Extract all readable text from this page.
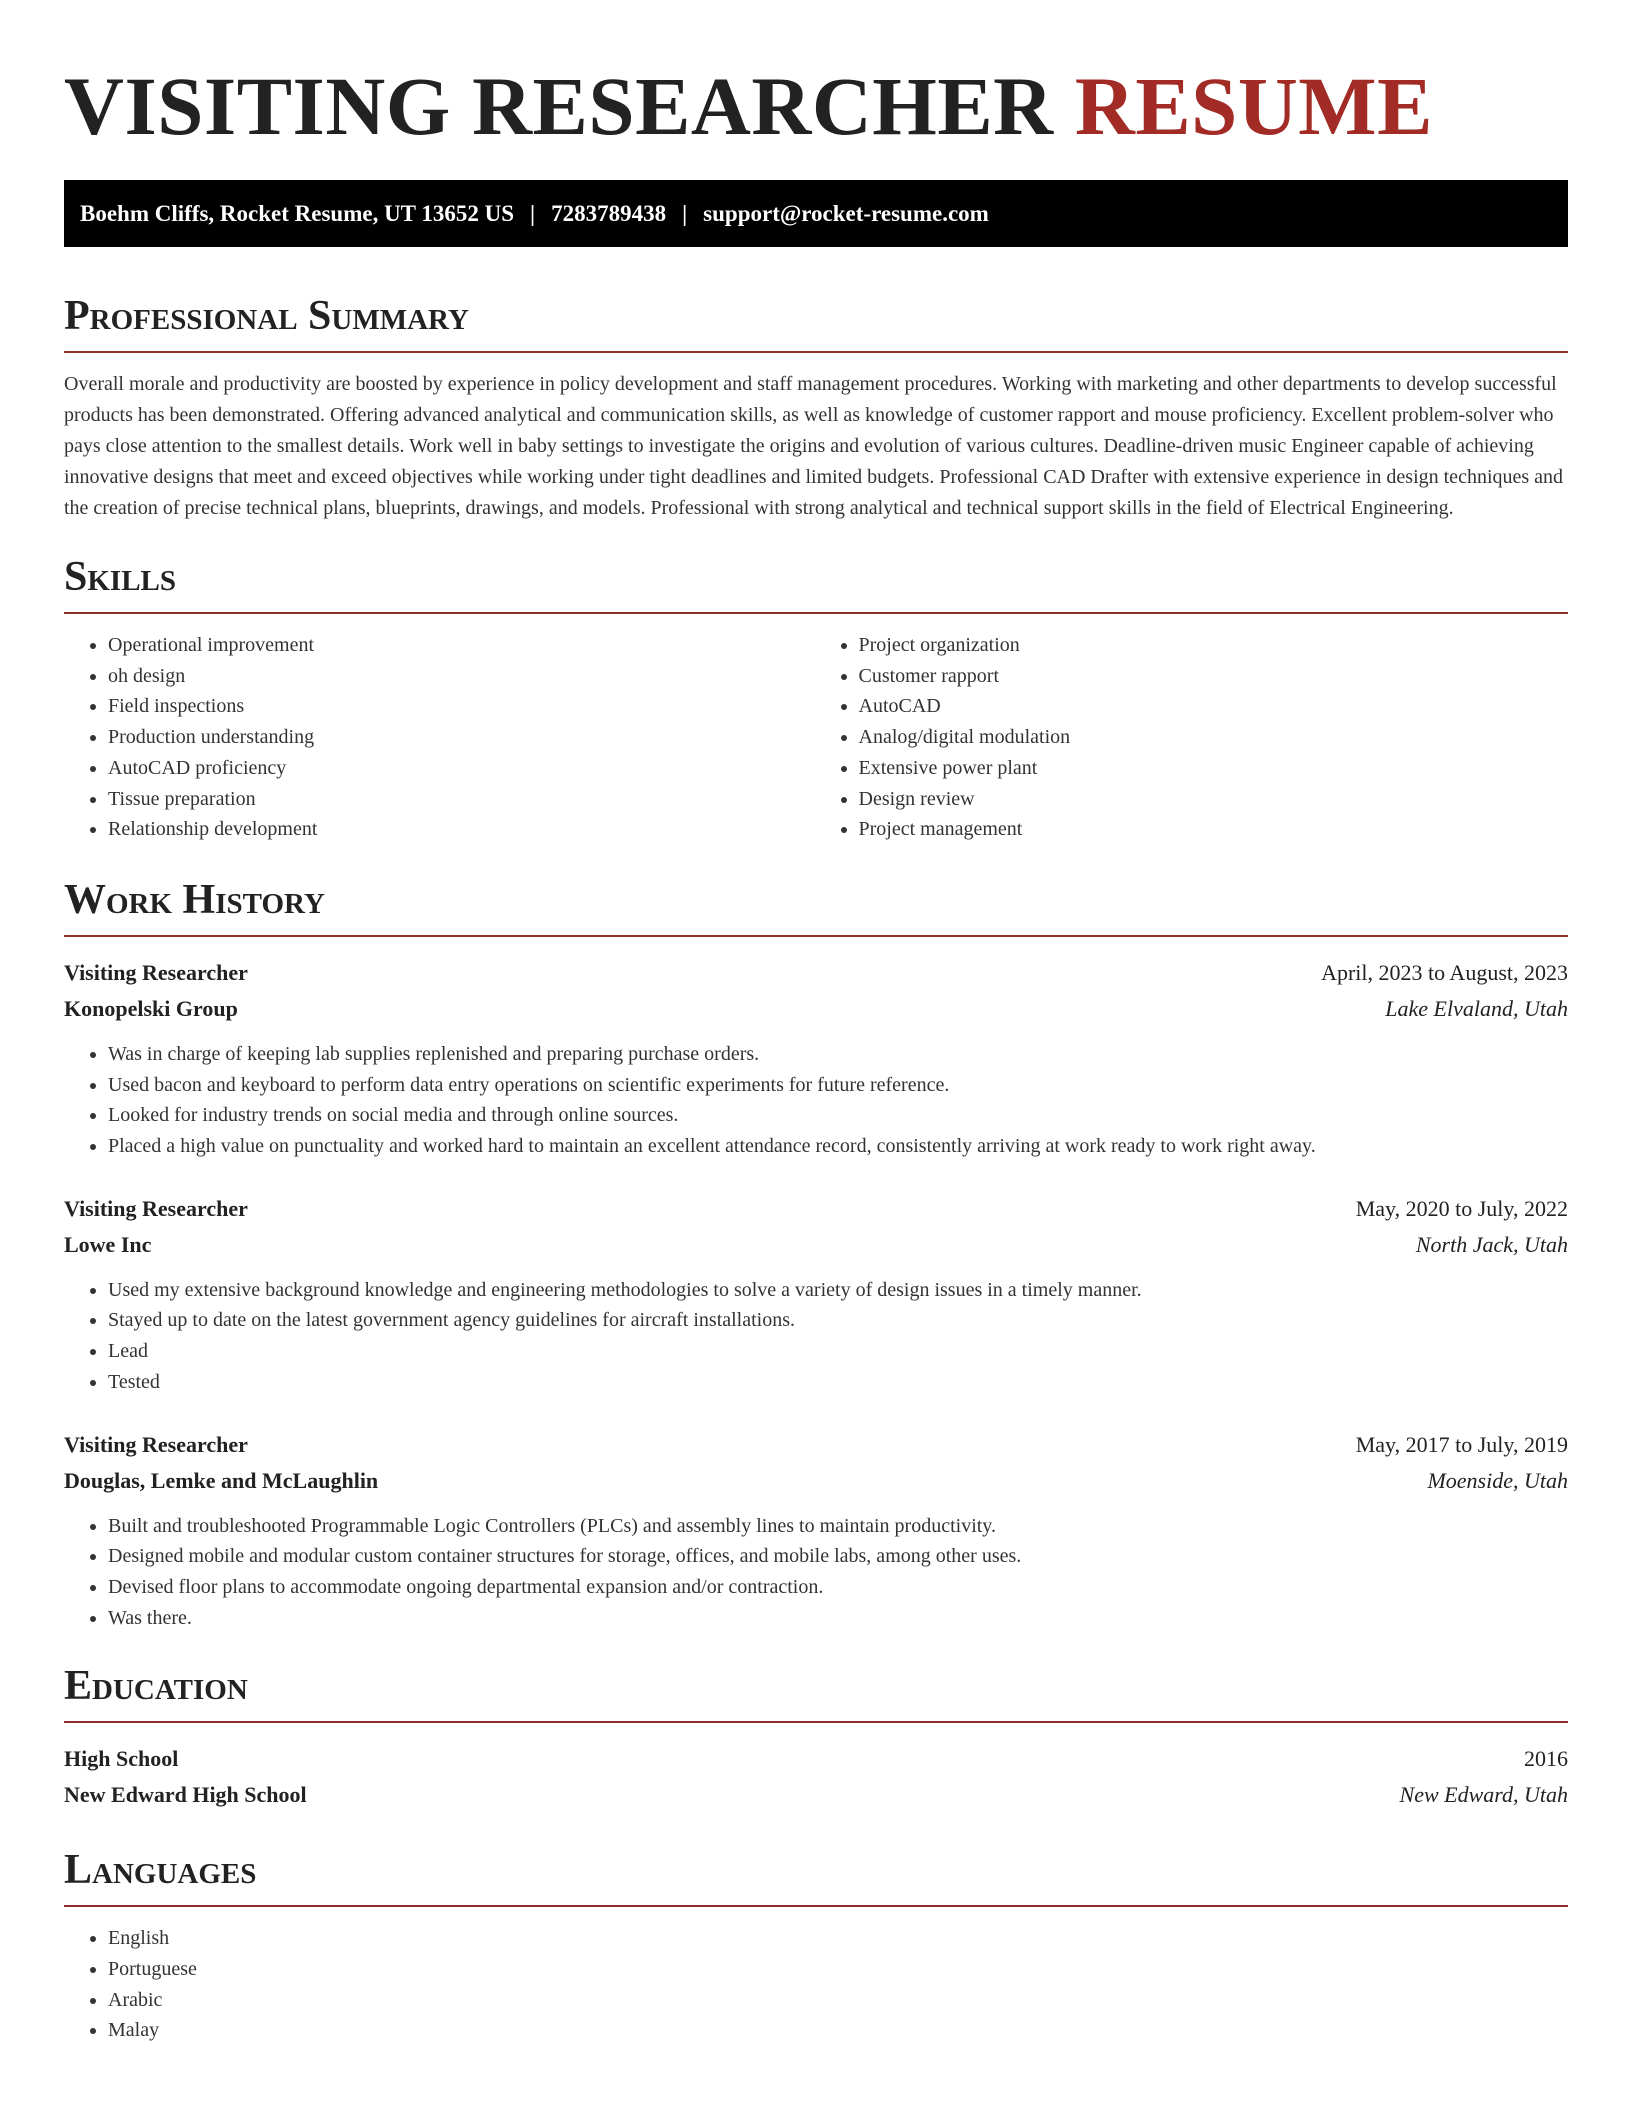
VISITING RESEARCHER RESUME
Boehm Cliffs, Rocket Resume, UT 13652 US | 7283789438 | support@rocket-resume.com
Professional Summary

Overall morale and productivity are boosted by experience in policy development and staff management procedures. Working with marketing and other departments to develop successful products has been demonstrated. Offering advanced analytical and communication skills, as well as knowledge of customer rapport and mouse proficiency. Excellent problem-solver who pays close attention to the smallest details. Work well in baby settings to investigate the origins and evolution of various cultures. Deadline-driven music Engineer capable of achieving innovative designs that meet and exceed objectives while working under tight deadlines and limited budgets. Professional CAD Drafter with extensive experience in design techniques and the creation of precise technical plans, blueprints, drawings, and models. Professional with strong analytical and technical support skills in the field of Electrical Engineering.

Skills
• Operational improvement
• oh design
• Field inspections
• Production understanding
• AutoCAD proficiency
• Tissue preparation
• Relationship development
• Project organization
• Customer rapport
• AutoCAD
• Analog/digital modulation
• Extensive power plant
• Design review
• Project management
Work History
Visiting Researcher	April, 2023 to August, 2023
Konopelski Group	Lake Elvaland, Utah
• Was in charge of keeping lab supplies replenished and preparing purchase orders.
• Used bacon and keyboard to perform data entry operations on scientific experiments for future reference.
• Looked for industry trends on social media and through online sources.
• Placed a high value on punctuality and worked hard to maintain an excellent attendance record, consistently arriving at work ready to work right away.
Visiting Researcher	May, 2020 to July, 2022
Lowe Inc	North Jack, Utah
• Used my extensive background knowledge and engineering methodologies to solve a variety of design issues in a timely manner.
• Stayed up to date on the latest government agency guidelines for aircraft installations.
• Lead
• Tested
Visiting Researcher	May, 2017 to July, 2019
Douglas, Lemke and McLaughlin	Moenside, Utah
• Built and troubleshooted Programmable Logic Controllers (PLCs) and assembly lines to maintain productivity.
• Designed mobile and modular custom container structures for storage, offices, and mobile labs, among other uses.
• Devised floor plans to accommodate ongoing departmental expansion and/or contraction.
• Was there.
Education
High School	2016
New Edward High School	New Edward, Utah
Languages
• English
• Portuguese
• Arabic
• Malay
